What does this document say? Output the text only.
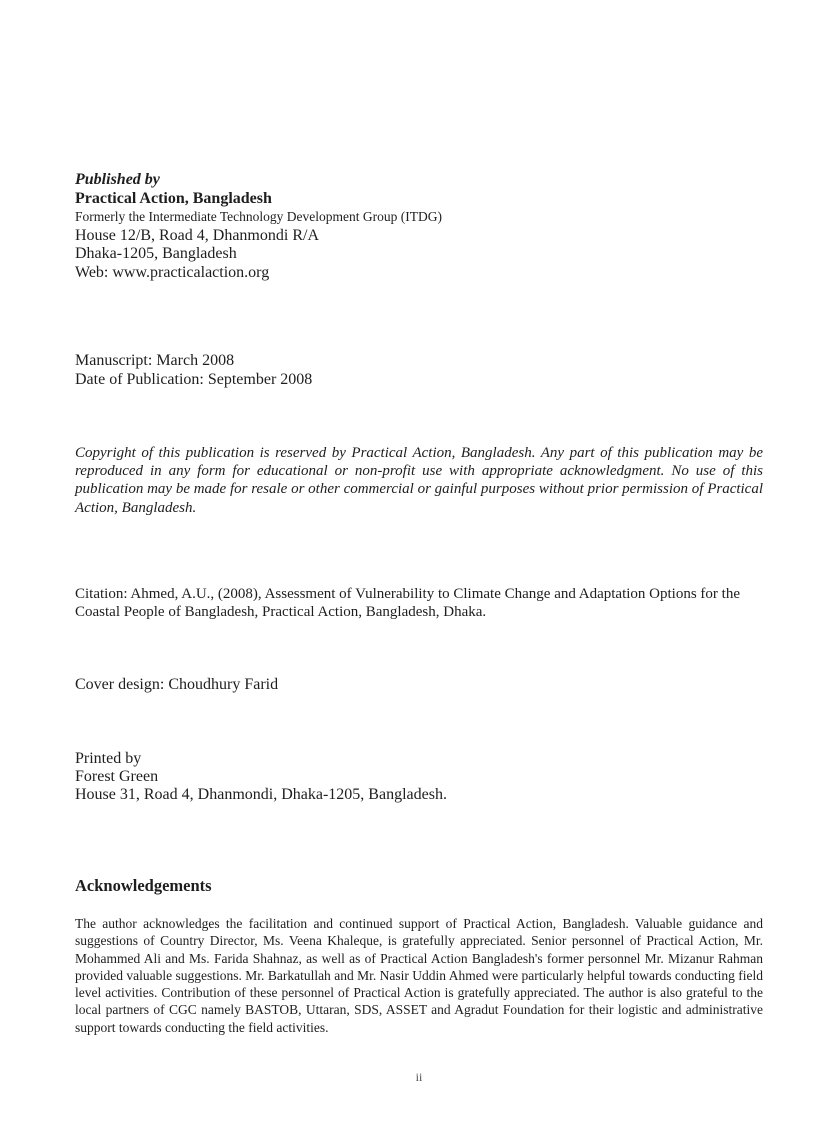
Published by
Practical Action, Bangladesh
Formerly the Intermediate Technology Development Group (ITDG)
House 12/B, Road 4, Dhanmondi R/A
Dhaka-1205, Bangladesh
Web: www.practicalaction.org
Manuscript: March 2008
Date of Publication: September 2008
Copyright of this publication is reserved by Practical Action, Bangladesh. Any part of this publication may be reproduced in any form for educational or non-profit use with appropriate acknowledgment. No use of this publication may be made for resale or other commercial or gainful purposes without prior permission of Practical Action, Bangladesh.
Citation: Ahmed, A.U., (2008), Assessment of Vulnerability to Climate Change and Adaptation Options for the Coastal People of Bangladesh, Practical Action, Bangladesh, Dhaka.
Cover design: Choudhury Farid
Printed by
Forest Green
House 31, Road 4, Dhanmondi, Dhaka-1205, Bangladesh.
Acknowledgements
The author acknowledges the facilitation and continued support of Practical Action, Bangladesh. Valuable guidance and suggestions of Country Director, Ms. Veena Khaleque, is gratefully appreciated. Senior personnel of Practical Action, Mr. Mohammed Ali and Ms. Farida Shahnaz, as well as of Practical Action Bangladesh's former personnel Mr. Mizanur Rahman provided valuable suggestions. Mr. Barkatullah and Mr. Nasir Uddin Ahmed were particularly helpful towards conducting field level activities. Contribution of these personnel of Practical Action is gratefully appreciated. The author is also grateful to the local partners of CGC namely BASTOB, Uttaran, SDS, ASSET and Agradut Foundation for their logistic and administrative support towards conducting the field activities.
ii
